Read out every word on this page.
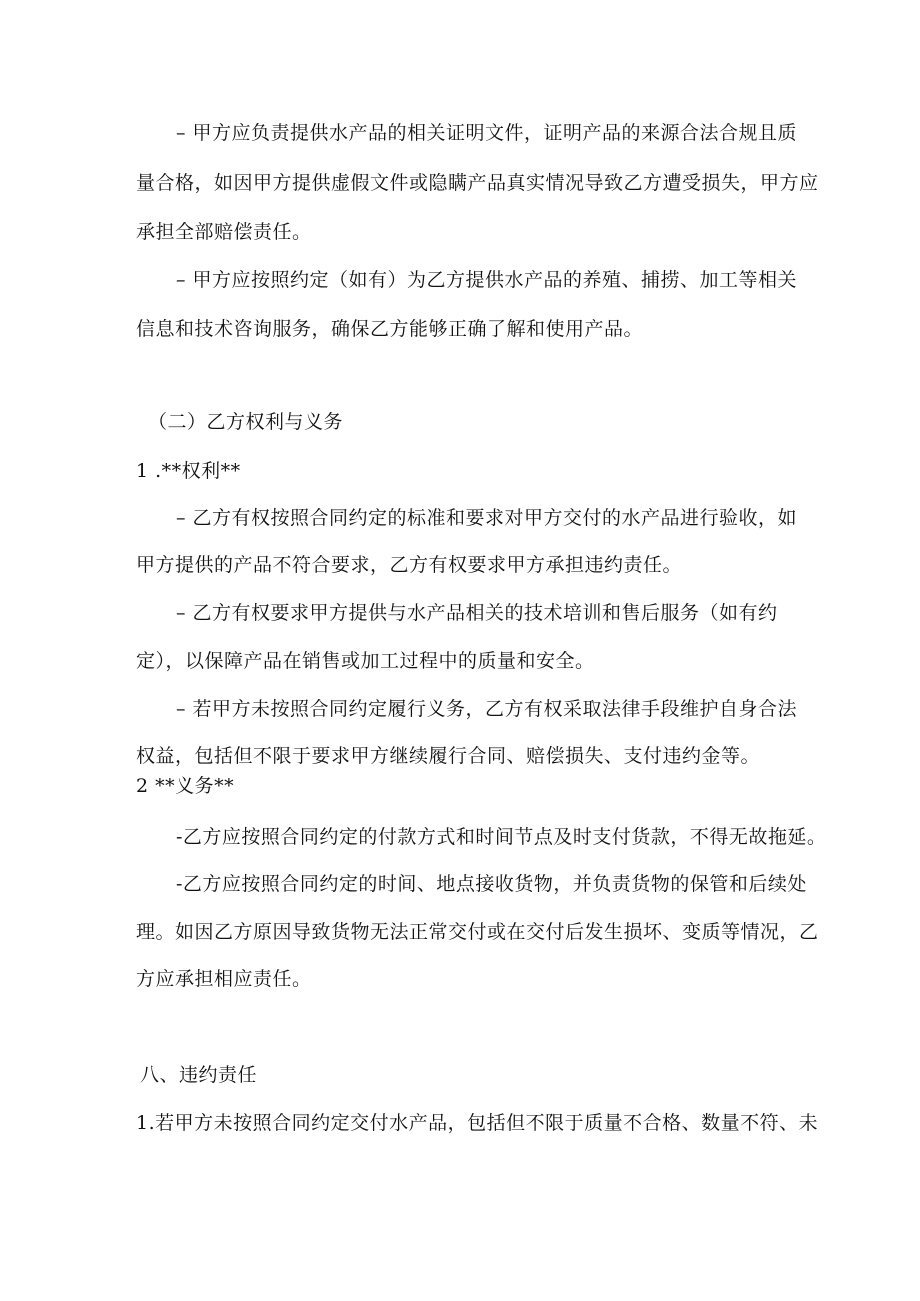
– 甲方应负责提供水产品的相关证明文件，证明产品的来源合法合规且质
量合格，如因甲方提供虚假文件或隐瞒产品真实情况导致乙方遭受损失，甲方应
承担全部赔偿责任。
– 甲方应按照约定（如有）为乙方提供水产品的养殖、捕捞、加工等相关
信息和技术咨询服务，确保乙方能够正确了解和使用产品。
（二）乙方权利与义务
1 .**权利**
– 乙方有权按照合同约定的标准和要求对甲方交付的水产品进行验收，如
甲方提供的产品不符合要求，乙方有权要求甲方承担违约责任。
– 乙方有权要求甲方提供与水产品相关的技术培训和售后服务（如有约
定），以保障产品在销售或加工过程中的质量和安全。
– 若甲方未按照合同约定履行义务，乙方有权采取法律手段维护自身合法
权益，包括但不限于要求甲方继续履行合同、赔偿损失、支付违约金等。
2 **义务**
-乙方应按照合同约定的付款方式和时间节点及时支付货款，不得无故拖延。
-乙方应按照合同约定的时间、地点接收货物，并负责货物的保管和后续处
理。如因乙方原因导致货物无法正常交付或在交付后发生损坏、变质等情况，乙
方应承担相应责任。
八、违约责任
1.若甲方未按照合同约定交付水产品，包括但不限于质量不合格、数量不符、未
